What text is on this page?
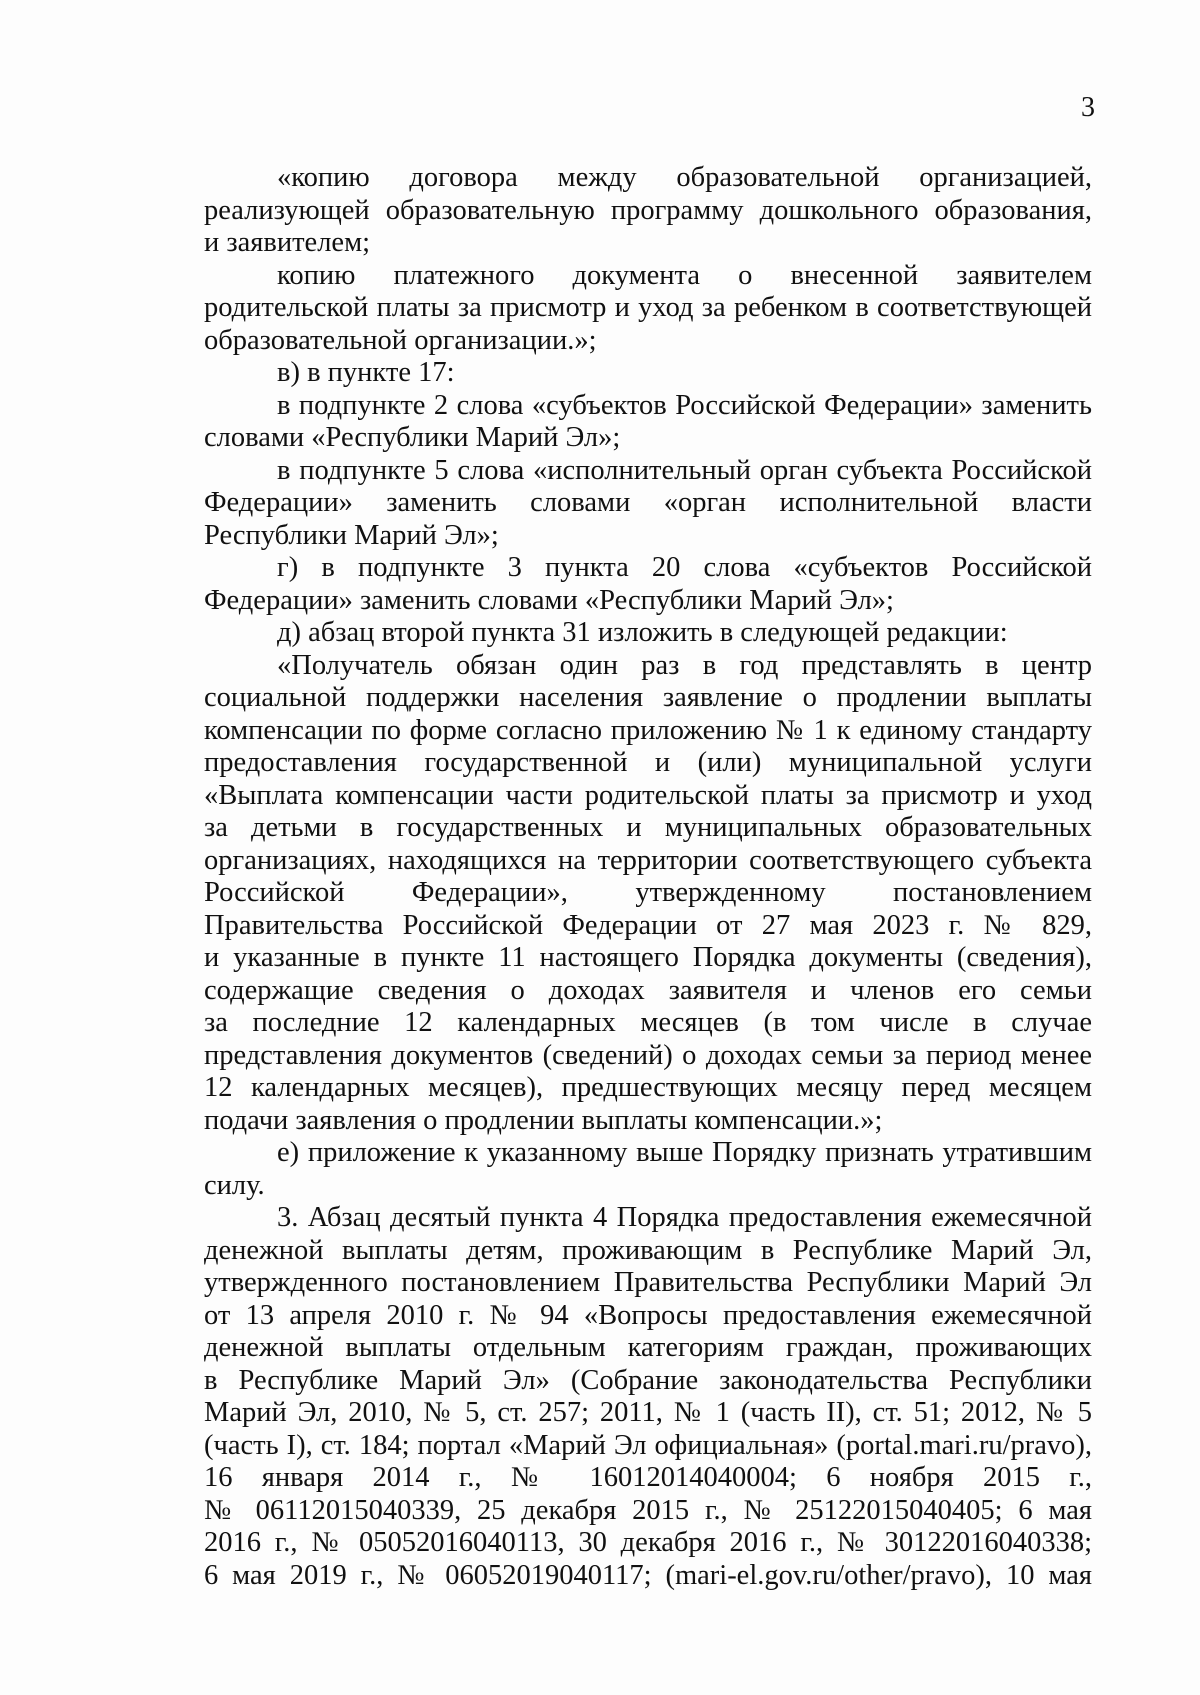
3
«копию договора между образовательной организацией,
реализующей образовательную программу дошкольного образования,
и заявителем;
копию платежного документа о внесенной заявителем
родительской платы за присмотр и уход за ребенком в соответствующей
образовательной организации.»;
в) в пункте 17:
в подпункте 2 слова «субъектов Российской Федерации» заменить
словами «Республики Марий Эл»;
в подпункте 5 слова «исполнительный орган субъекта Российской
Федерации» заменить словами «орган исполнительной власти
Республики Марий Эл»;
г) в подпункте 3 пункта 20 слова «субъектов Российской
Федерации» заменить словами «Республики Марий Эл»;
д) абзац второй пункта 31 изложить в следующей редакции:
«Получатель обязан один раз в год представлять в центр
социальной поддержки населения заявление о продлении выплаты
компенсации по форме согласно приложению № 1 к единому стандарту
предоставления государственной и (или) муниципальной услуги
«Выплата компенсации части родительской платы за присмотр и уход
за детьми в государственных и муниципальных образовательных
организациях, находящихся на территории соответствующего субъекта
Российской Федерации», утвержденному постановлением
Правительства Российской Федерации от 27 мая 2023 г. № 829,
и указанные в пункте 11 настоящего Порядка документы (сведения),
содержащие сведения о доходах заявителя и членов его семьи
за последние 12 календарных месяцев (в том числе в случае
представления документов (сведений) о доходах семьи за период менее
12 календарных месяцев), предшествующих месяцу перед месяцем
подачи заявления о продлении выплаты компенсации.»;
е) приложение к указанному выше Порядку признать утратившим
силу.
3. Абзац десятый пункта 4 Порядка предоставления ежемесячной
денежной выплаты детям, проживающим в Республике Марий Эл,
утвержденного постановлением Правительства Республики Марий Эл
от 13 апреля 2010 г. № 94 «Вопросы предоставления ежемесячной
денежной выплаты отдельным категориям граждан, проживающих
в Республике Марий Эл» (Собрание законодательства Республики
Марий Эл, 2010, № 5, ст. 257; 2011, № 1 (часть II), ст. 51; 2012, № 5
(часть I), ст. 184; портал «Марий Эл официальная» (portal.mari.ru/pravo),
16 января 2014 г., № 16012014040004; 6 ноября 2015 г.,
№ 06112015040339, 25 декабря 2015 г., № 25122015040405; 6 мая
2016 г., № 05052016040113, 30 декабря 2016 г., № 30122016040338;
6 мая 2019 г., № 06052019040117; (mari-el.gov.ru/other/pravo), 10 мая
